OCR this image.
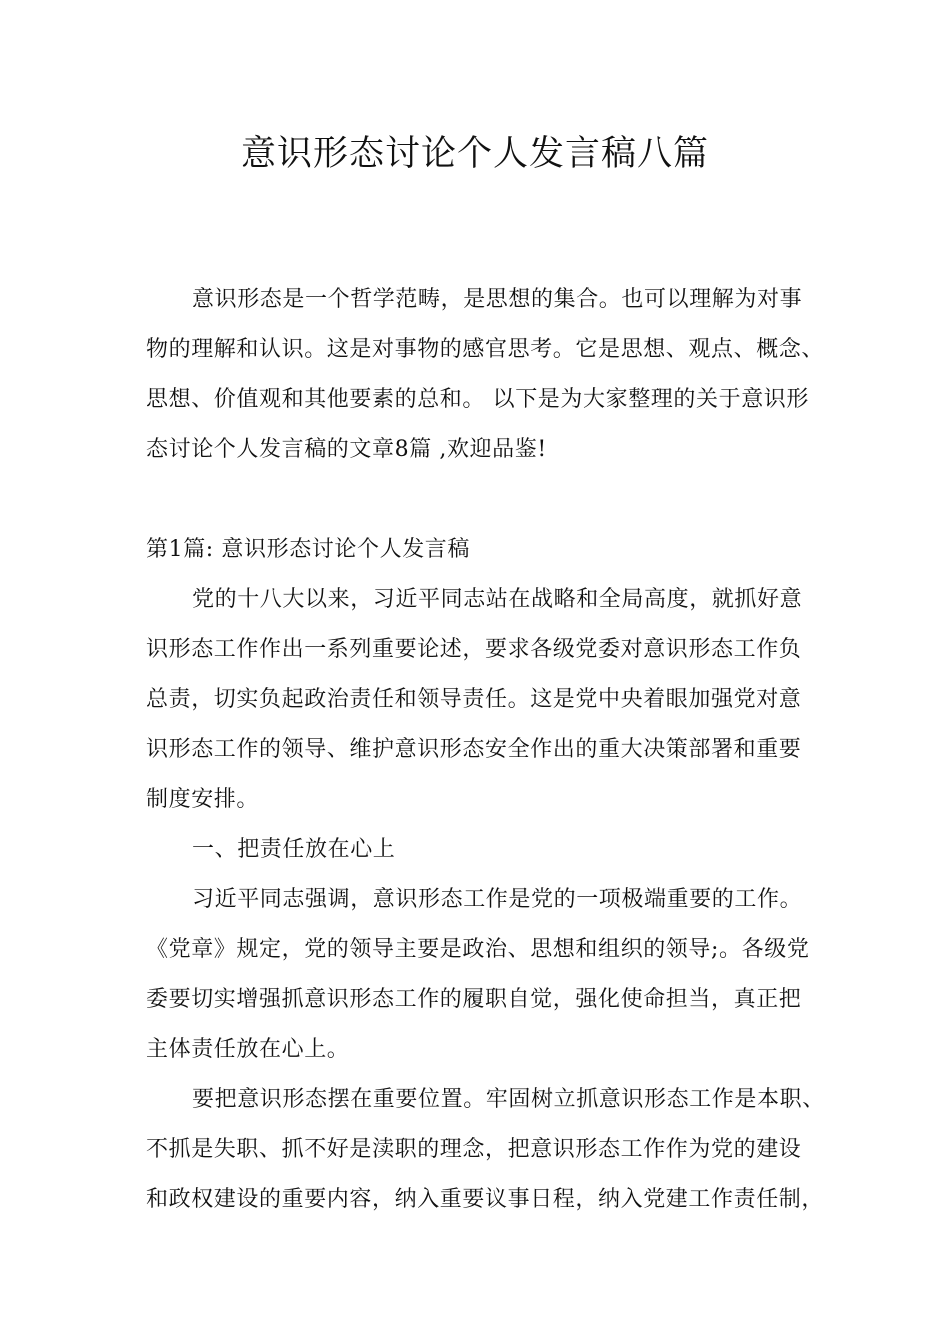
意识形态讨论个人发言稿八篇
意识形态是一个哲学范畴，是思想的集合。也可以理解为对事
物的理解和认识。这是对事物的感官思考。它是思想、观点、概念、
思想、价值观和其他要素的总和。 以下是为大家整理的关于意识形
态讨论个人发言稿的文章8篇 ,欢迎品鉴!
第1篇: 意识形态讨论个人发言稿
党的十八大以来，习近平同志站在战略和全局高度，就抓好意
识形态工作作出一系列重要论述，要求各级党委对意识形态工作负
总责，切实负起政治责任和领导责任。这是党中央着眼加强党对意
识形态工作的领导、维护意识形态安全作出的重大决策部署和重要
制度安排。
一、把责任放在心上
习近平同志强调，意识形态工作是党的一项极端重要的工作。
《党章》规定，党的领导主要是政治、思想和组织的领导;。各级党
委要切实增强抓意识形态工作的履职自觉，强化使命担当，真正把
主体责任放在心上。
要把意识形态摆在重要位置。牢固树立抓意识形态工作是本职、
不抓是失职、抓不好是渎职的理念，把意识形态工作作为党的建设
和政权建设的重要内容，纳入重要议事日程，纳入党建工作责任制，
